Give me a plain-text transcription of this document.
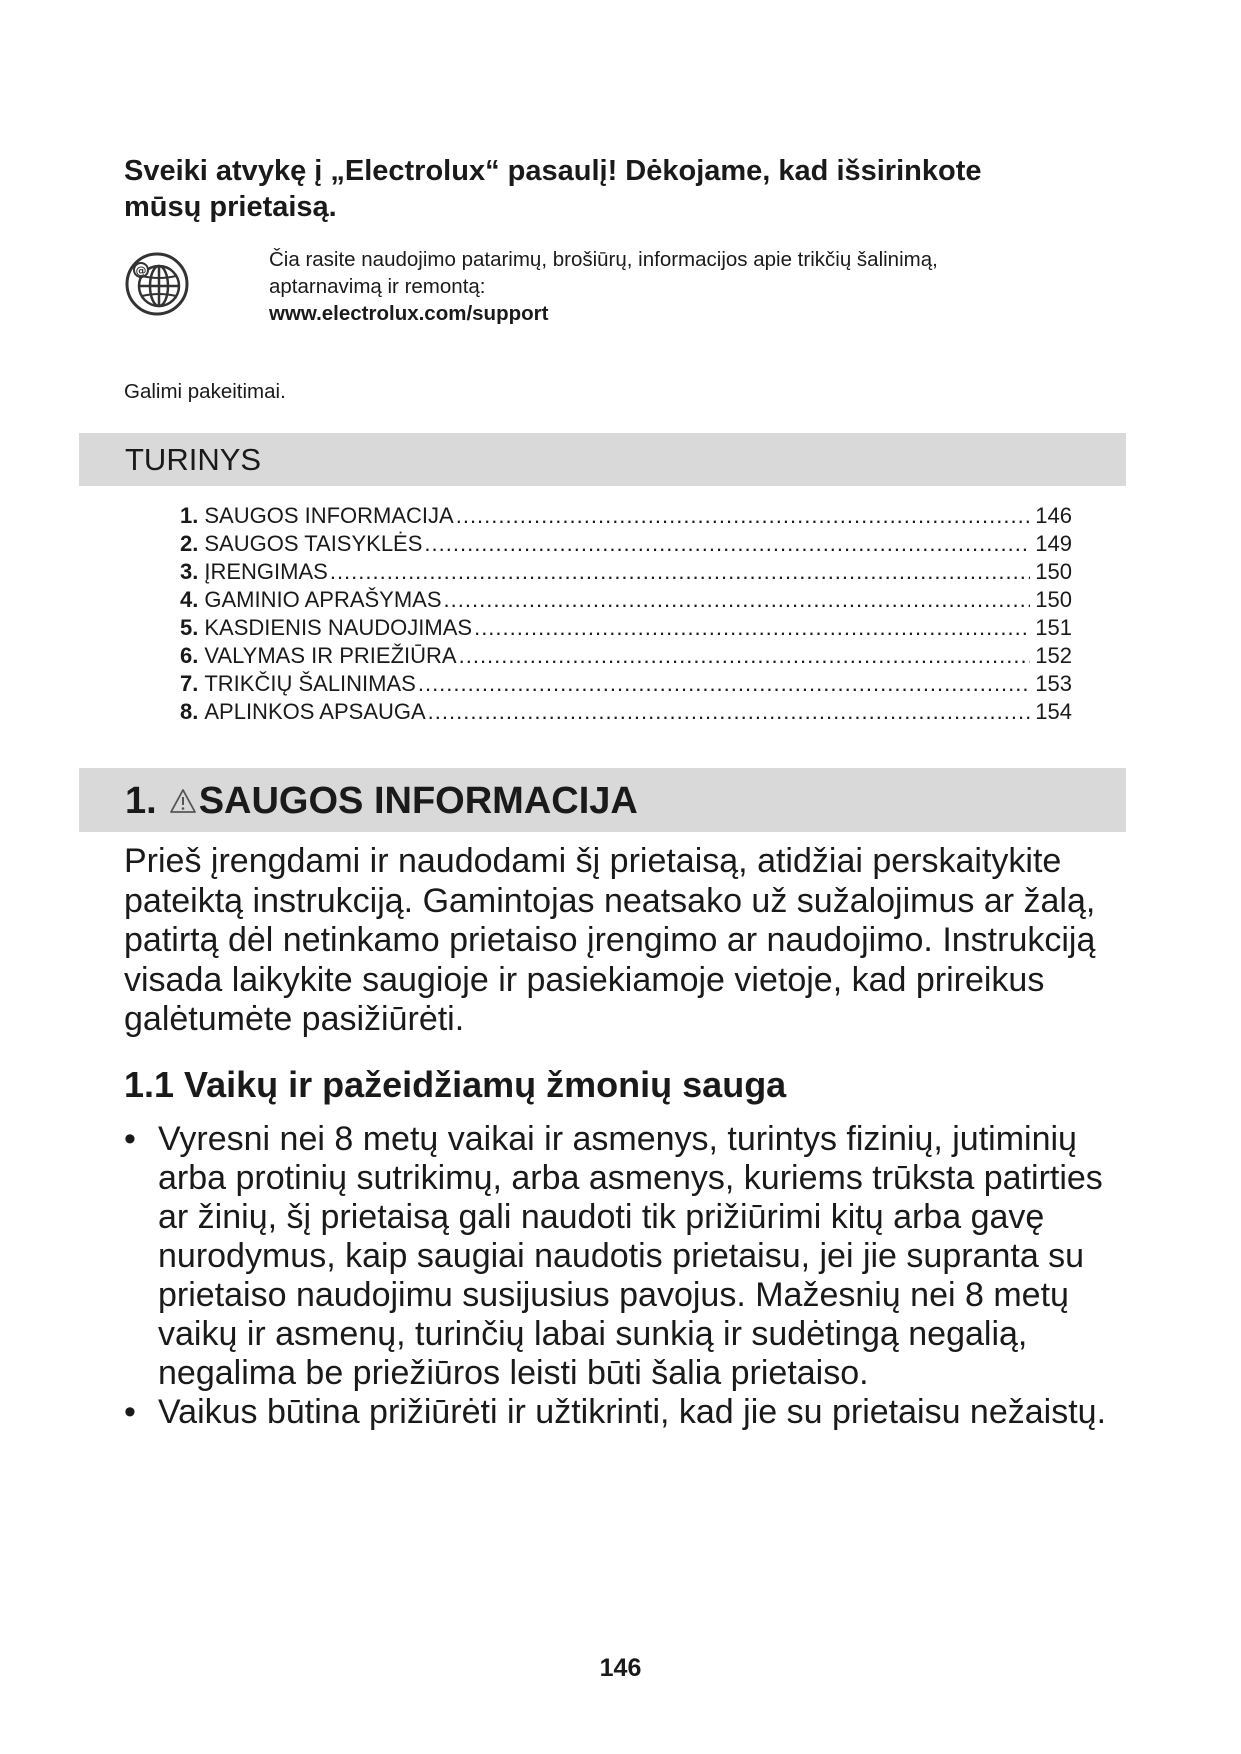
Sveiki atvykę į „Electrolux“ pasaulį! Dėkojame, kad išsirinkote mūsų prietaisą.
@	Čia rasite naudojimo patarimų, brošiūrų, informacijos apie trikčių šalinimą, aptarnavimą ir remontą:
www.electrolux.com/support
Galimi pakeitimai.
TURINYS
1. SAUGOS INFORMACIJA .....	146
2. SAUGOS TAISYKLĖS .....	149
3. ĮRENGIMAS .....	150
4. GAMINIO APRAŠYMAS .....	150
5. KASDIENIS NAUDOJIMAS .....	151
6. VALYMAS IR PRIEŽIŪRA .....	152
7. TRIKČIŲ ŠALINIMAS .....	153
8. APLINKOS APSAUGA .....	154
1. SAUGOS INFORMACIJA

Prieš įrengdami ir naudodami šį prietaisą, atidžiai perskaitykite pateiktą instrukciją. Gamintojas neatsako už sužalojimus ar žalą, patirtą dėl netinkamo prietaiso įrengimo ar naudojimo. Instrukciją visada laikykite saugioje ir pasiekiamoje vietoje, kad prireikus galėtumėte pasižiūrėti.

1.1 Vaikų ir pažeidžiamų žmonių sauga
• Vyresni nei 8 metų vaikai ir asmenys, turintys fizinių, jutiminių arba protinių sutrikimų, arba asmenys, kuriems trūksta patirties ar žinių, šį prietaisą gali naudoti tik prižiūrimi kitų arba gavę nurodymus, kaip saugiai naudotis prietaisu, jei jie supranta su prietaiso naudojimu susijusius pavojus. Mažesnių nei 8 metų vaikų ir asmenų, turinčių labai sunkią ir sudėtingą negalią, negalima be priežiūros leisti būti šalia prietaiso.
• Vaikus būtina prižiūrėti ir užtikrinti, kad jie su prietaisu nežaistų.
146
